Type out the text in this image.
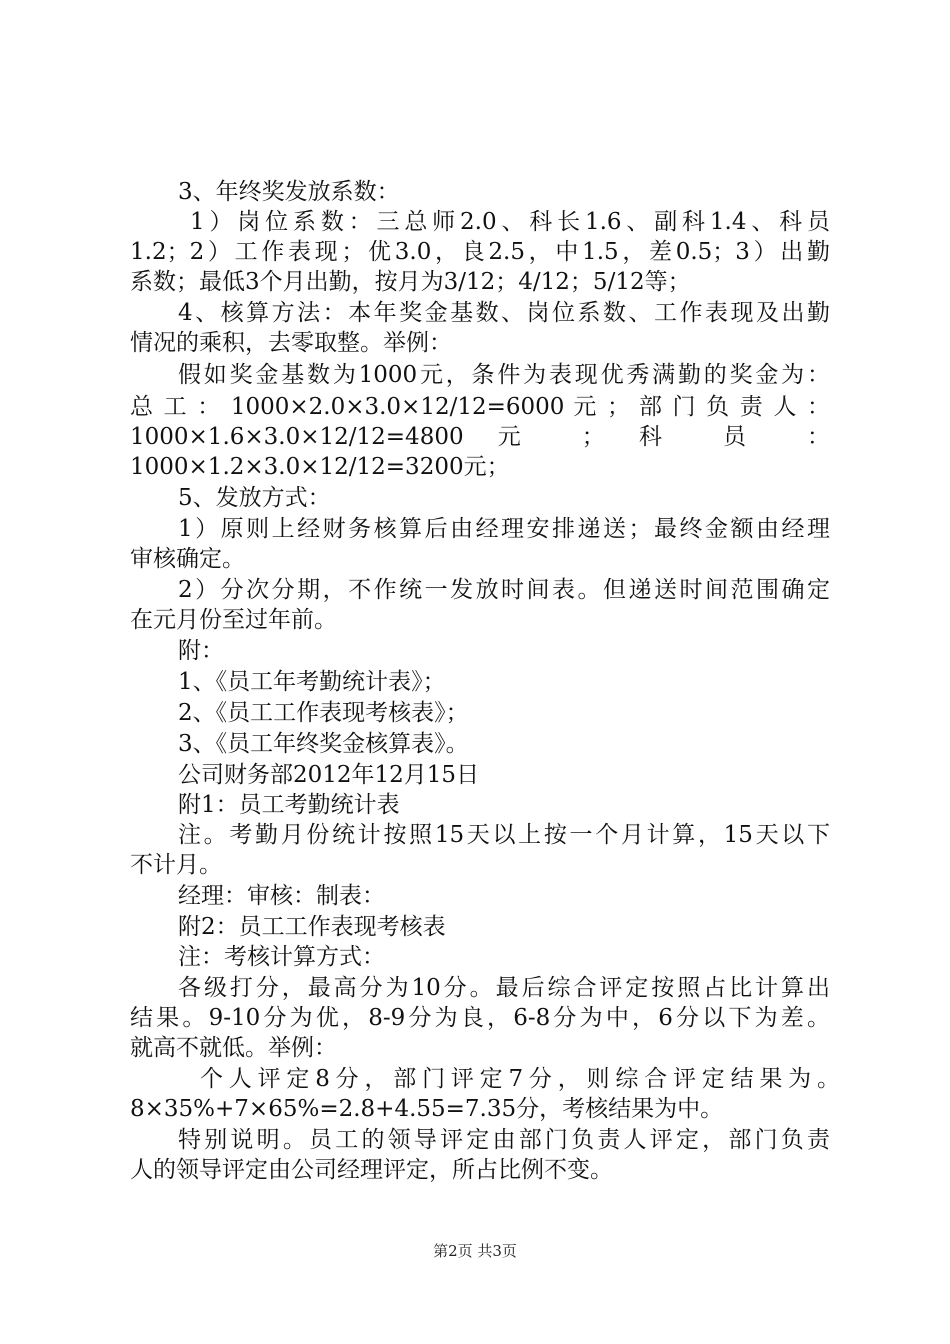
3、年终奖发放系数：

1）岗位系数：三总师2.0、科长1.6、副科1.4、科员

1.2；2）工作表现；优3.0，良2.5，中1.5，差0.5；3）出勤

系数；最低3个月出勤，按月为3/12；4/12；5/12等；

4、核算方法：本年奖金基数、岗位系数、工作表现及出勤

情况的乘积，去零取整。举例：

假如奖金基数为1000元，条件为表现优秀满勤的奖金为：

总 工 ： 1000×2.0×3.0×12/12=6000 元 ； 部 门 负 责 人 ：

1000×1.6×3.0×12/12=4800 元 ； 科 员 ：

1000×1.2×3.0×12/12=3200元；

5、发放方式：

1）原则上经财务核算后由经理安排递送；最终金额由经理

审核确定。

2）分次分期，不作统一发放时间表。但递送时间范围确定

在元月份至过年前。

附：

1、《员工年考勤统计表》；

2、《员工工作表现考核表》；

3、《员工年终奖金核算表》。

公司财务部2012年12月15日

附1：员工考勤统计表

注。考勤月份统计按照15天以上按一个月计算，15天以下

不计月。

经理：审核：制表：

附2：员工工作表现考核表

注：考核计算方式：

各级打分，最高分为10分。最后综合评定按照占比计算出

结果。9-10分为优，8-9分为良，6-8分为中，6分以下为差。

就高不就低。举例：

个人评定8分，部门评定7分，则综合评定结果为。

8×35%+7×65%=2.8+4.55=7.35分，考核结果为中。

特别说明。员工的领导评定由部门负责人评定，部门负责

人的领导评定由公司经理评定，所占比例不变。

第2页 共3页
